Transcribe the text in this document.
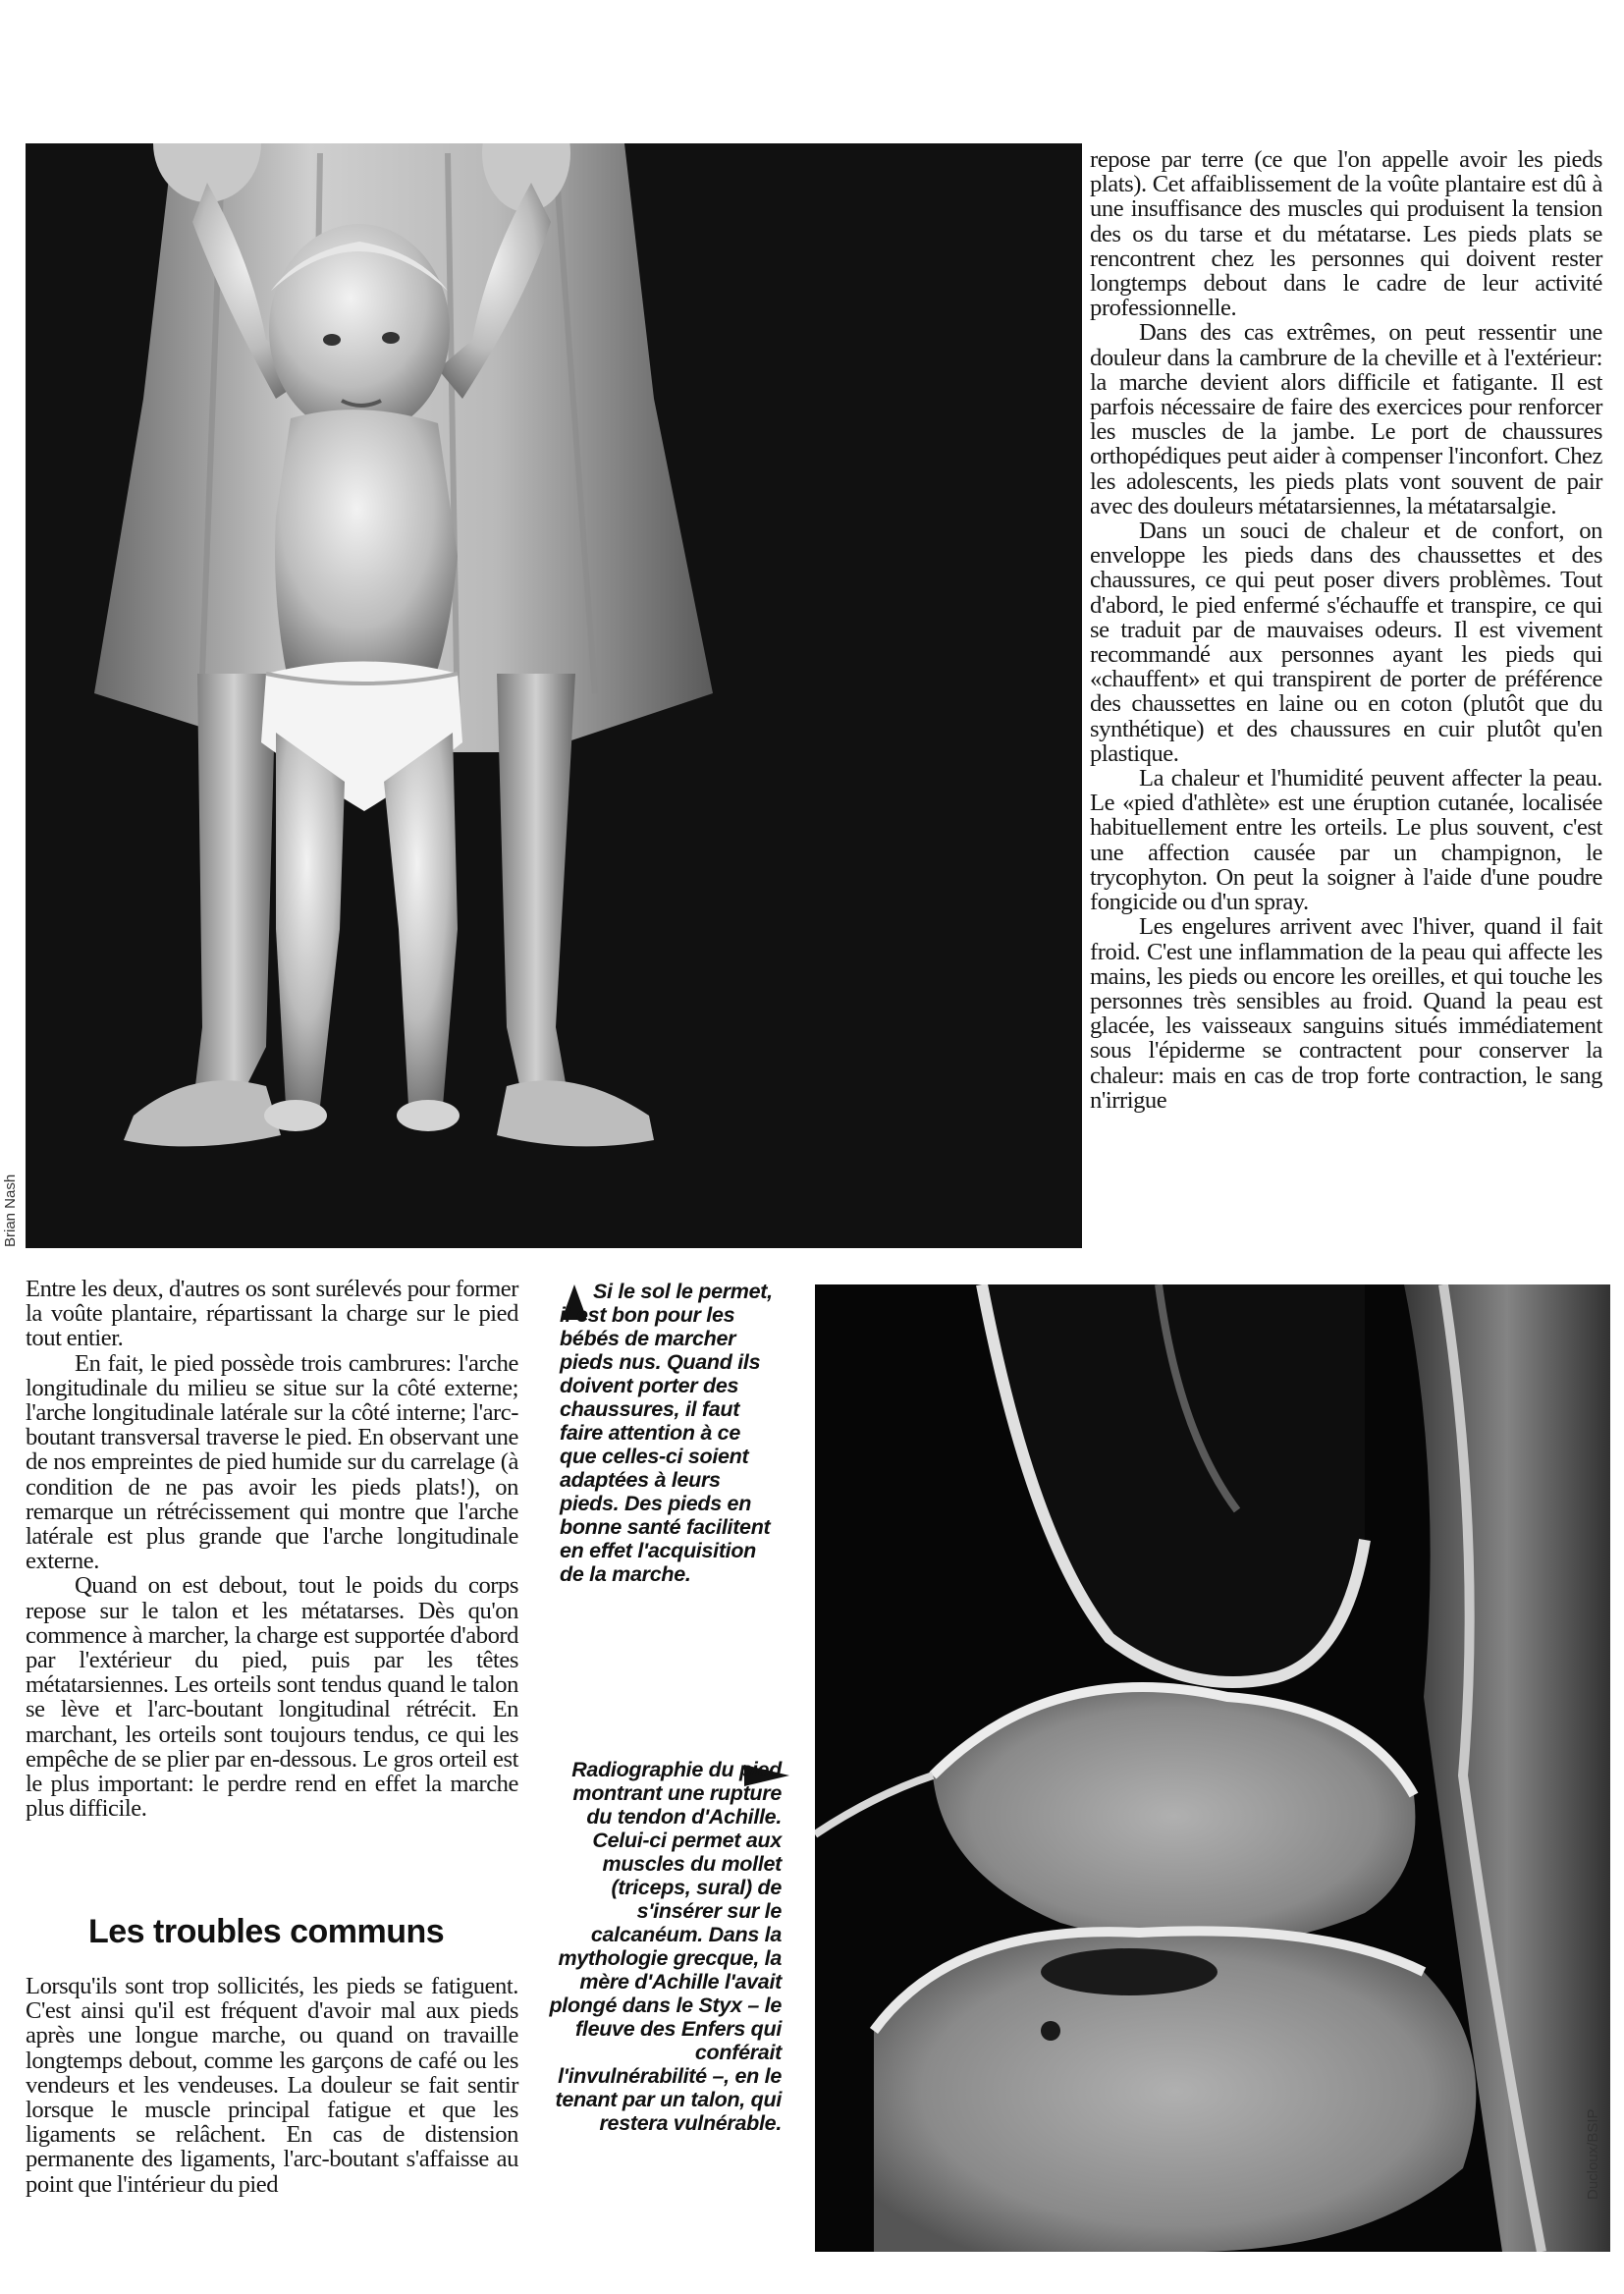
Brian Nash

repose par terre (ce que l'on appelle avoir les pieds plats). Cet affaiblissement de la voûte plantaire est dû à une insuffisance des muscles qui produisent la tension des os du tarse et du métatarse. Les pieds plats se rencontrent chez les personnes qui doivent rester longtemps debout dans le cadre de leur activité professionnelle.

Dans des cas extrêmes, on peut ressentir une douleur dans la cambrure de la cheville et à l'extérieur: la marche devient alors difficile et fatigante. Il est parfois nécessaire de faire des exercices pour renforcer les muscles de la jambe. Le port de chaussures orthopédiques peut aider à compenser l'inconfort. Chez les adolescents, les pieds plats vont souvent de pair avec des douleurs métatarsiennes, la métatarsalgie.

Dans un souci de chaleur et de confort, on enveloppe les pieds dans des chaussettes et des chaussures, ce qui peut poser divers problèmes. Tout d'abord, le pied enfermé s'échauffe et transpire, ce qui se traduit par de mauvaises odeurs. Il est vivement recommandé aux personnes ayant les pieds qui «chauffent» et qui transpirent de porter de préférence des chaussettes en laine ou en coton (plutôt que du synthétique) et des chaussures en cuir plutôt qu'en plastique.

La chaleur et l'humidité peuvent affecter la peau. Le «pied d'athlète» est une éruption cutanée, localisée habituellement entre les orteils. Le plus souvent, c'est une affection causée par un champignon, le trycophyton. On peut la soigner à l'aide d'une poudre fongicide ou d'un spray.

Les engelures arrivent avec l'hiver, quand il fait froid. C'est une inflammation de la peau qui affecte les mains, les pieds ou encore les oreilles, et qui touche les personnes très sensibles au froid. Quand la peau est glacée, les vaisseaux sanguins situés immédiatement sous l'épiderme se contractent pour conserver la chaleur: mais en cas de trop forte contraction, le sang n'irrigue

Entre les deux, d'autres os sont surélevés pour former la voûte plantaire, répartissant la charge sur le pied tout entier.

En fait, le pied possède trois cambrures: l'arche longitudinale du milieu se situe sur la côté externe; l'arche longitudinale latérale sur la côté interne; l'arc-boutant transversal traverse le pied. En observant une de nos empreintes de pied humide sur du carrelage (à condition de ne pas avoir les pieds plats!), on remarque un rétrécissement qui montre que l'arche latérale est plus grande que l'arche longitudinale externe.

Quand on est debout, tout le poids du corps repose sur le talon et les métatarses. Dès qu'on commence à marcher, la charge est supportée d'abord par l'extérieur du pied, puis par les têtes métatarsiennes. Les orteils sont tendus quand le talon se lève et l'arc-boutant longitudinal rétrécit. En marchant, les orteils sont toujours tendus, ce qui les empêche de se plier par en-dessous. Le gros orteil est le plus important: le perdre rend en effet la marche plus difficile.

Les troubles communs

Lorsqu'ils sont trop sollicités, les pieds se fatiguent. C'est ainsi qu'il est fréquent d'avoir mal aux pieds après une longue marche, ou quand on travaille longtemps debout, comme les garçons de café ou les vendeurs et les vendeuses. La douleur se fait sentir lorsque le muscle principal fatigue et que les ligaments se relâchent. En cas de distension permanente des ligaments, l'arc-boutant s'affaisse au point que l'intérieur du pied

Si le sol le permet, il est bon pour les bébés de marcher pieds nus. Quand ils doivent porter des chaussures, il faut faire attention à ce que celles-ci soient adaptées à leurs pieds. Des pieds en bonne santé facilitent en effet l'acquisition de la marche.
Radiographie du pied montrant une rupture du tendon d'Achille. Celui-ci permet aux muscles du mollet (triceps, sural) de s'insérer sur le calcanéum. Dans la mythologie grecque, la mère d'Achille l'avait plongé dans le Styx – le fleuve des Enfers qui conférait l'invulnérabilité –, en le tenant par un talon, qui restera vulnérable.	Ducloux/BSIP
